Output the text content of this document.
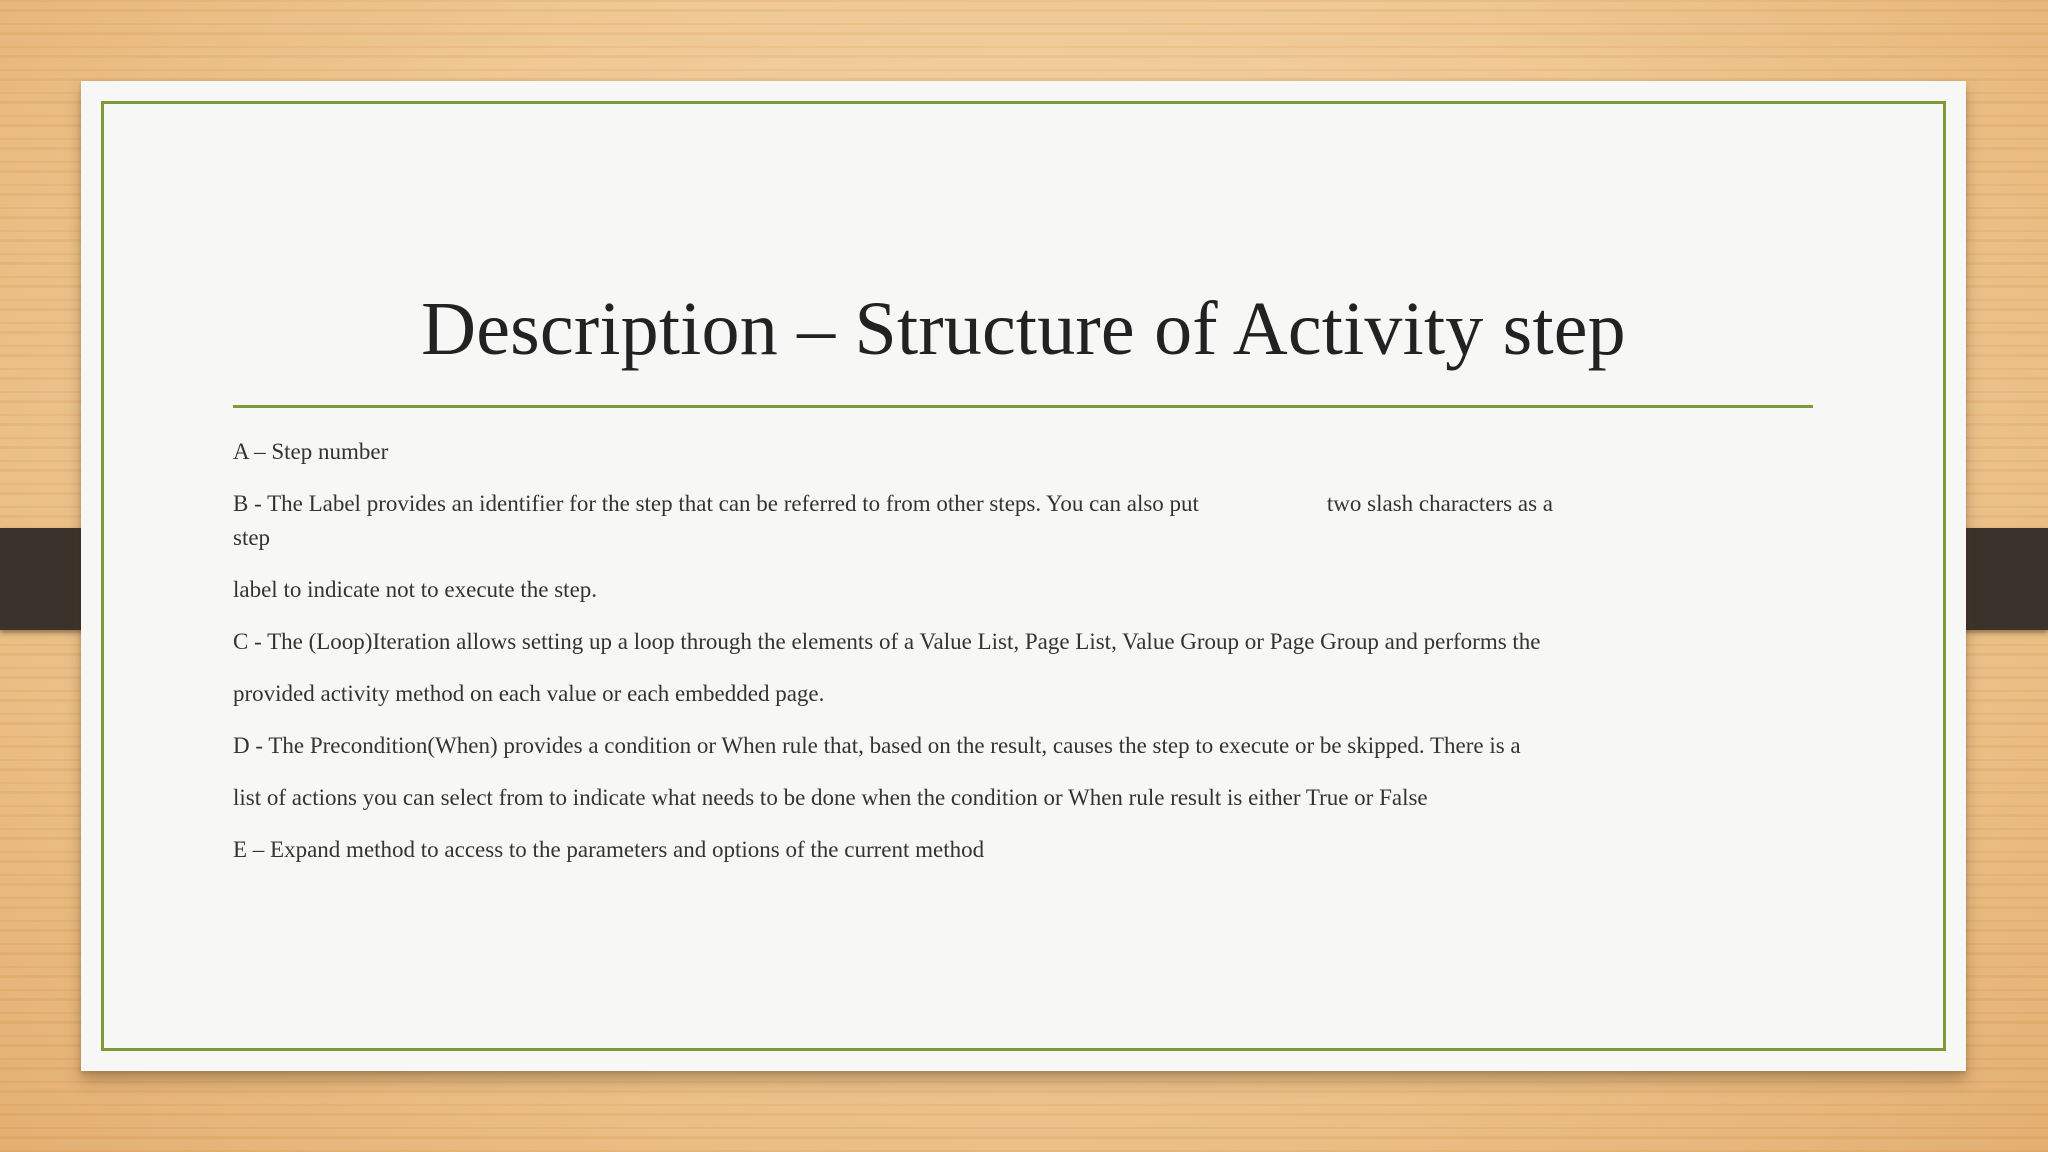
Description – Structure of Activity step

A – Step number

B - The Label provides an identifier for the step that can be referred to from other steps. You can also put	two slash characters as a

step

label to indicate not to execute the step.

C - The (Loop)Iteration allows setting up a loop through the elements of a Value List, Page List, Value Group or Page Group and performs the

provided activity method on each value or each embedded page.

D - The Precondition(When) provides a condition or When rule that, based on the result, causes the step to execute or be skipped. There is a

list of actions you can select from to indicate what needs to be done when the condition or When rule result is either True or False

E – Expand method to access to the parameters and options of the current method
